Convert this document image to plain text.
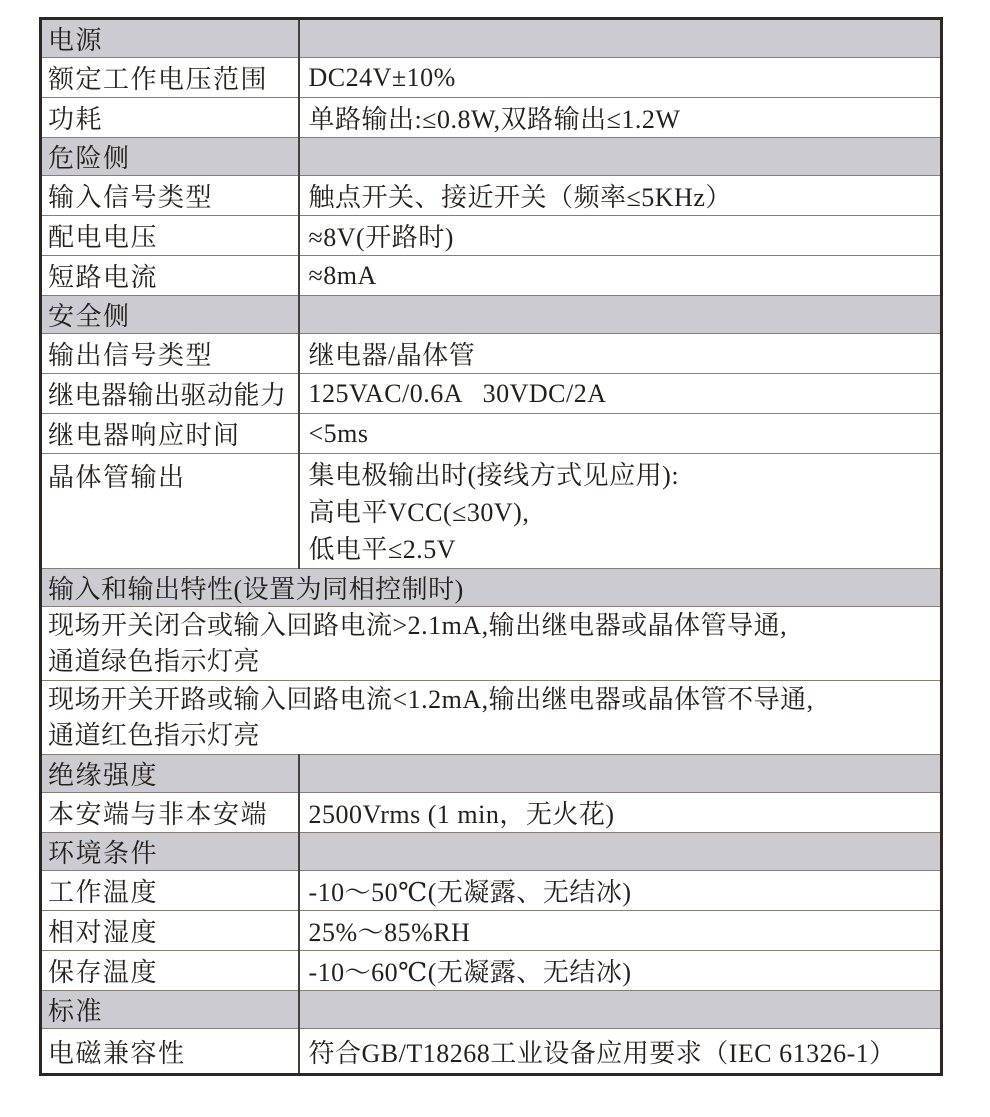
电源	
额定工作电压范围	DC24V±10%
功耗	单路输出:≤0.8W,双路输出≤1.2W
危险侧	
输入信号类型	触点开关、接近开关（频率≤5KHz）
配电电压	≈8V(开路时)
短路电流	≈8mA
安全侧	
输出信号类型	继电器/晶体管
继电器输出驱动能力	125VAC/0.6A   30VDC/2A
继电器响应时间	<5ms
晶体管输出	集电极输出时(接线方式见应用):
高电平VCC(≤30V),
低电平≤2.5V

输入和输出特性(设置为同相控制时)	

现场开关闭合或输入回路电流>2.1mA,输出继电器或晶体管导通,
通道绿色指示灯亮	

现场开关开路或输入回路电流<1.2mA,输出继电器或晶体管不导通,
通道红色指示灯亮	

绝缘强度	
本安端与非本安端	2500Vrms (1 min，无火花)
环境条件	
工作温度	-10～50℃(无凝露、无结冰)
相对湿度	25%～85%RH
保存温度	-10～60℃(无凝露、无结冰)
标准	
电磁兼容性	符合GB/T18268工业设备应用要求（IEC 61326-1）
